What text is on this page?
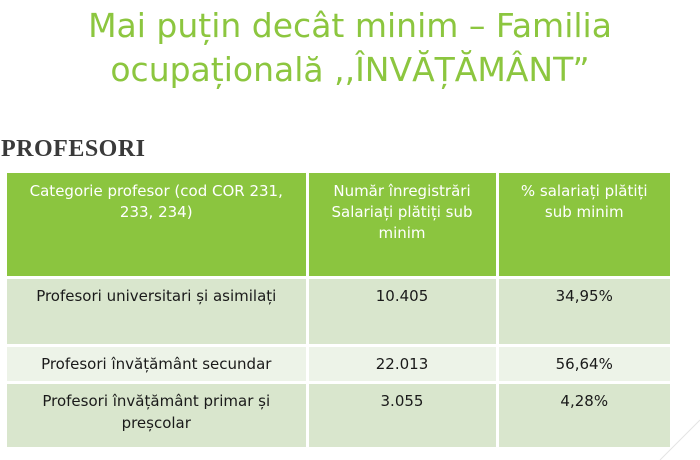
Mai puțin decât minim – Familia
ocupațională ,,ÎNVĂȚĂMÂNT”
PROFESORI
Categorie profesor (cod COR 231, 233, 234)	Număr înregistrări Salariați plătiți sub minim	% salariați plătiți sub minim
Profesori universitari și asimilați	10.405	34,95%
Profesori învățământ secundar	22.013	56,64%
Profesori învățământ primar și preșcolar	3.055	4,28%
